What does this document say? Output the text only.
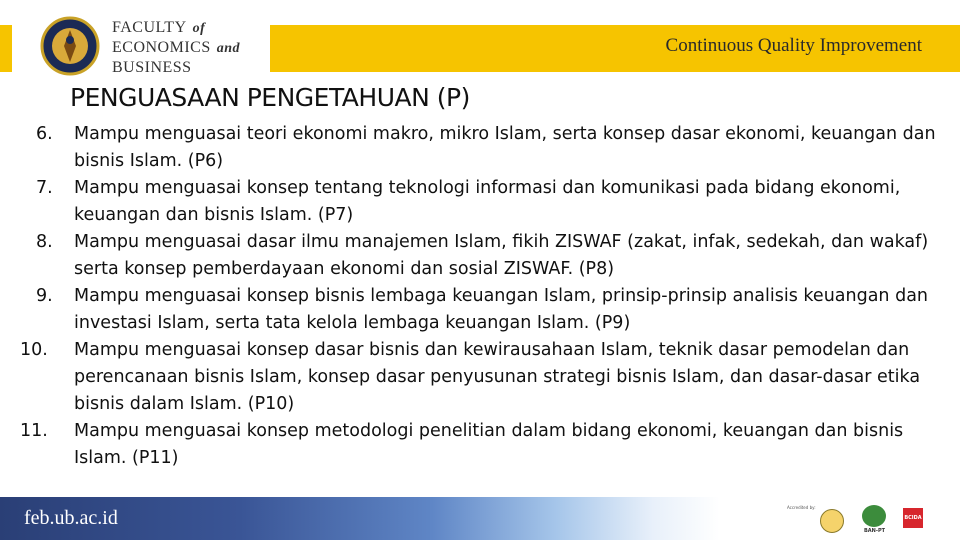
FACULTY of
ECONOMICS and
BUSINESS
Continuous Quality Improvement
PENGUASAAN PENGETAHUAN (P)
6. Mampu menguasai teori ekonomi makro, mikro Islam, serta konsep dasar ekonomi, keuangan dan bisnis Islam. (P6)
7. Mampu menguasai konsep tentang teknologi informasi dan komunikasi pada bidang ekonomi, keuangan dan bisnis Islam. (P7)
8. Mampu menguasai dasar ilmu manajemen Islam, fikih ZISWAF (zakat, infak, sedekah, dan wakaf) serta konsep pemberdayaan ekonomi dan sosial ZISWAF. (P8)
9. Mampu menguasai konsep bisnis lembaga keuangan Islam, prinsip-prinsip analisis keuangan dan investasi Islam, serta tata kelola lembaga keuangan Islam. (P9)
10. Mampu menguasai konsep dasar bisnis dan kewirausahaan Islam, teknik dasar pemodelan dan perencanaan bisnis Islam, konsep dasar penyusunan strategi bisnis Islam, dan dasar-dasar etika bisnis dalam Islam. (P10)
11. Mampu menguasai konsep metodologi penelitian dalam bidang ekonomi, keuangan dan bisnis Islam. (P11)
feb.ub.ac.id	Accredited by:
BAN-PT
BCIDA
